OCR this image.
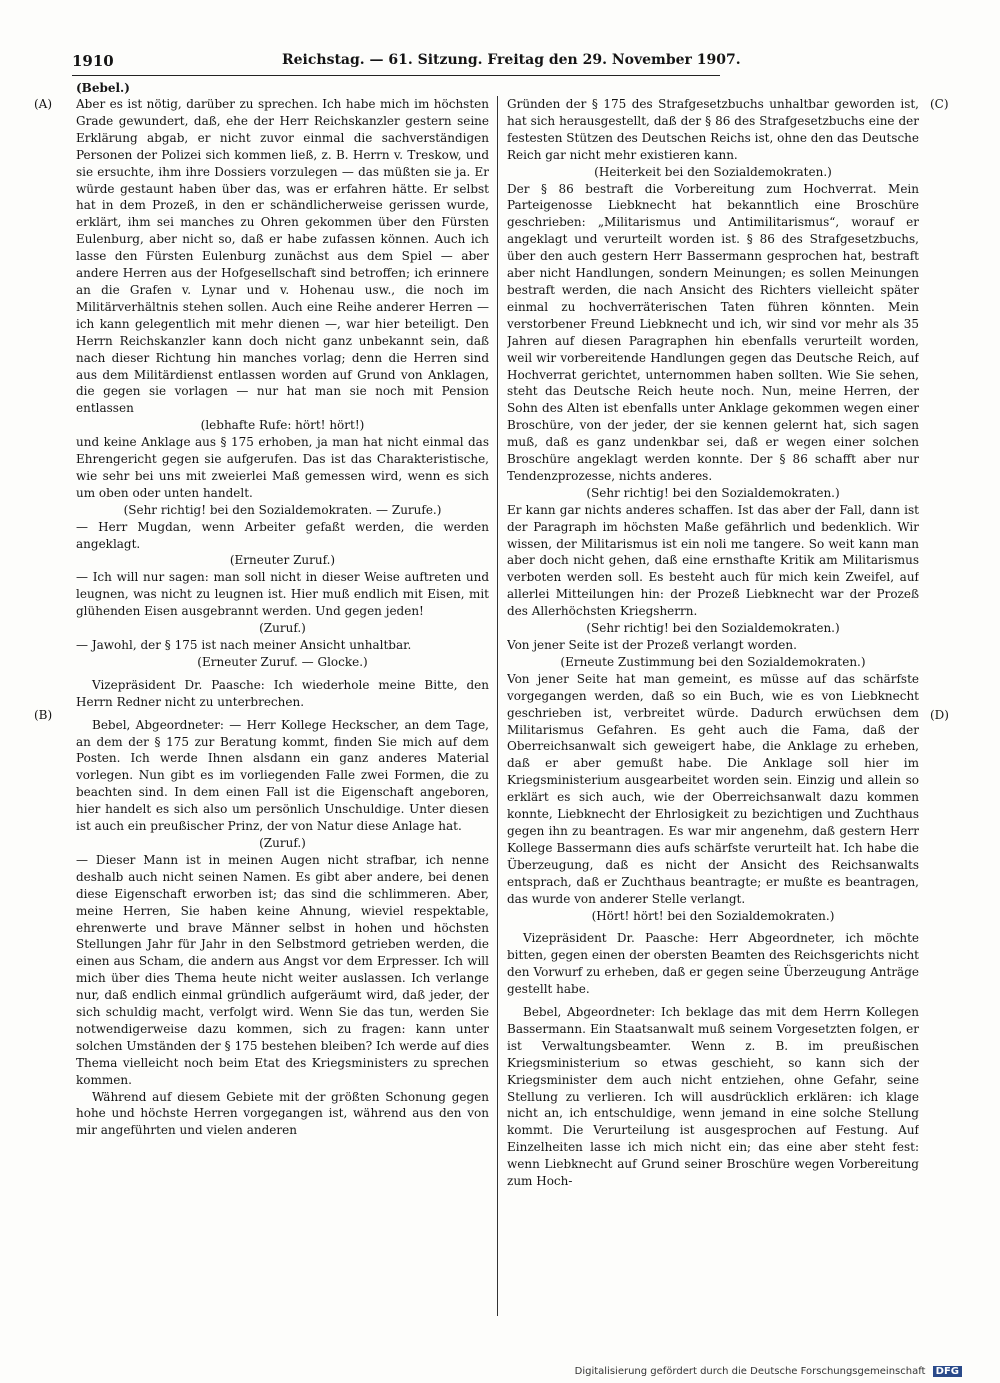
1910	Reichstag. — 61. Sitzung. Freitag den 29. November 1907.
(Bebel.)
(A)
(B)
(C)
(D)

Aber es ist nötig, darüber zu sprechen. Ich habe mich im höchsten Grade gewundert, daß, ehe der Herr Reichskanzler gestern seine Erklärung abgab, er nicht zuvor einmal die sachverständigen Personen der Polizei sich kommen ließ, z. B. Herrn v. Treskow, und sie ersuchte, ihm ihre Dossiers vorzulegen — das müßten sie ja. Er würde gestaunt haben über das, was er erfahren hätte. Er selbst hat in dem Prozeß, in den er schändlicherweise gerissen wurde, erklärt, ihm sei manches zu Ohren gekommen über den Fürsten Eulenburg, aber nicht so, daß er habe zufassen können. Auch ich lasse den Fürsten Eulenburg zunächst aus dem Spiel — aber andere Herren aus der Hofgesellschaft sind betroffen; ich erinnere an die Grafen v. Lynar und v. Hohenau usw., die noch im Militärverhältnis stehen sollen. Auch eine Reihe anderer Herren — ich kann gelegentlich mit mehr dienen —, war hier beteiligt. Den Herrn Reichskanzler kann doch nicht ganz unbekannt sein, daß nach dieser Richtung hin manches vorlag; denn die Herren sind aus dem Militärdienst entlassen worden auf Grund von Anklagen, die gegen sie vorlagen — nur hat man sie noch mit Pension entlassen

(lebhafte Rufe: hört! hört!)

und keine Anklage aus § 175 erhoben, ja man hat nicht einmal das Ehrengericht gegen sie aufgerufen. Das ist das Charakteristische, wie sehr bei uns mit zweierlei Maß gemessen wird, wenn es sich um oben oder unten handelt.

(Sehr richtig! bei den Sozialdemokraten. — Zurufe.)

— Herr Mugdan, wenn Arbeiter gefaßt werden, die werden angeklagt.

(Erneuter Zuruf.)

— Ich will nur sagen: man soll nicht in dieser Weise auftreten und leugnen, was nicht zu leugnen ist. Hier muß endlich mit Eisen, mit glühenden Eisen ausgebrannt werden. Und gegen jeden!

(Zuruf.)

— Jawohl, der § 175 ist nach meiner Ansicht unhaltbar.

(Erneuter Zuruf. — Glocke.)

Vizepräsident Dr. Paasche: Ich wiederhole meine Bitte, den Herrn Redner nicht zu unterbrechen.

Bebel, Abgeordneter: — Herr Kollege Heckscher, an dem Tage, an dem der § 175 zur Beratung kommt, finden Sie mich auf dem Posten. Ich werde Ihnen alsdann ein ganz anderes Material vorlegen. Nun gibt es im vorliegenden Falle zwei Formen, die zu beachten sind. In dem einen Fall ist die Eigenschaft angeboren, hier handelt es sich also um persönlich Unschuldige. Unter diesen ist auch ein preußischer Prinz, der von Natur diese Anlage hat.

(Zuruf.)

— Dieser Mann ist in meinen Augen nicht strafbar, ich nenne deshalb auch nicht seinen Namen. Es gibt aber andere, bei denen diese Eigenschaft erworben ist; das sind die schlimmeren. Aber, meine Herren, Sie haben keine Ahnung, wieviel respektable, ehrenwerte und brave Männer selbst in hohen und höchsten Stellungen Jahr für Jahr in den Selbstmord getrieben werden, die einen aus Scham, die andern aus Angst vor dem Erpresser. Ich will mich über dies Thema heute nicht weiter auslassen. Ich verlange nur, daß endlich einmal gründlich aufgeräumt wird, daß jeder, der sich schuldig macht, verfolgt wird. Wenn Sie das tun, werden Sie notwendigerweise dazu kommen, sich zu fragen: kann unter solchen Umständen der § 175 bestehen bleiben? Ich werde auf dies Thema vielleicht noch beim Etat des Kriegsministers zu sprechen kommen.

Während auf diesem Gebiete mit der größten Schonung gegen hohe und höchste Herren vorgegangen ist, während aus den von mir angeführten und vielen anderen

Gründen der § 175 des Strafgesetzbuchs unhaltbar geworden ist, hat sich herausgestellt, daß der § 86 des Strafgesetzbuchs eine der festesten Stützen des Deutschen Reichs ist, ohne den das Deutsche Reich gar nicht mehr existieren kann.

(Heiterkeit bei den Sozialdemokraten.)

Der § 86 bestraft die Vorbereitung zum Hochverrat. Mein Parteigenosse Liebknecht hat bekanntlich eine Broschüre geschrieben: „Militarismus und Antimilitarismus“, worauf er angeklagt und verurteilt worden ist. § 86 des Strafgesetzbuchs, über den auch gestern Herr Bassermann gesprochen hat, bestraft aber nicht Handlungen, sondern Meinungen; es sollen Meinungen bestraft werden, die nach Ansicht des Richters vielleicht später einmal zu hochverräterischen Taten führen könnten. Mein verstorbener Freund Liebknecht und ich, wir sind vor mehr als 35 Jahren auf diesen Paragraphen hin ebenfalls verurteilt worden, weil wir vorbereitende Handlungen gegen das Deutsche Reich, auf Hochverrat gerichtet, unternommen haben sollten. Wie Sie sehen, steht das Deutsche Reich heute noch. Nun, meine Herren, der Sohn des Alten ist ebenfalls unter Anklage gekommen wegen einer Broschüre, von der jeder, der sie kennen gelernt hat, sich sagen muß, daß es ganz undenkbar sei, daß er wegen einer solchen Broschüre angeklagt werden konnte. Der § 86 schafft aber nur Tendenzprozesse, nichts anderes.

(Sehr richtig! bei den Sozialdemokraten.)

Er kann gar nichts anderes schaffen. Ist das aber der Fall, dann ist der Paragraph im höchsten Maße gefährlich und bedenklich. Wir wissen, der Militarismus ist ein noli me tangere. So weit kann man aber doch nicht gehen, daß eine ernsthafte Kritik am Militarismus verboten werden soll. Es besteht auch für mich kein Zweifel, auf allerlei Mitteilungen hin: der Prozeß Liebknecht war der Prozeß des Allerhöchsten Kriegsherrn.

(Sehr richtig! bei den Sozialdemokraten.)

Von jener Seite ist der Prozeß verlangt worden.

(Erneute Zustimmung bei den Sozialdemokraten.)

Von jener Seite hat man gemeint, es müsse auf das schärfste vorgegangen werden, daß so ein Buch, wie es von Liebknecht geschrieben ist, verbreitet würde. Dadurch erwüchsen dem Militarismus Gefahren. Es geht auch die Fama, daß der Oberreichsanwalt sich geweigert habe, die Anklage zu erheben, daß er aber gemußt habe. Die Anklage soll hier im Kriegsministerium ausgearbeitet worden sein. Einzig und allein so erklärt es sich auch, wie der Oberreichsanwalt dazu kommen konnte, Liebknecht der Ehrlosigkeit zu bezichtigen und Zuchthaus gegen ihn zu beantragen. Es war mir angenehm, daß gestern Herr Kollege Bassermann dies aufs schärfste verurteilt hat. Ich habe die Überzeugung, daß es nicht der Ansicht des Reichsanwalts entsprach, daß er Zuchthaus beantragte; er mußte es beantragen, das wurde von anderer Stelle verlangt.

(Hört! hört! bei den Sozialdemokraten.)

Vizepräsident Dr. Paasche: Herr Abgeordneter, ich möchte bitten, gegen einen der obersten Beamten des Reichsgerichts nicht den Vorwurf zu erheben, daß er gegen seine Überzeugung Anträge gestellt habe.

Bebel, Abgeordneter: Ich beklage das mit dem Herrn Kollegen Bassermann. Ein Staatsanwalt muß seinem Vorgesetzten folgen, er ist Verwaltungsbeamter. Wenn z. B. im preußischen Kriegsministerium so etwas geschieht, so kann sich der Kriegsminister dem auch nicht entziehen, ohne Gefahr, seine Stellung zu verlieren. Ich will ausdrücklich erklären: ich klage nicht an, ich entschuldige, wenn jemand in eine solche Stellung kommt. Die Verurteilung ist ausgesprochen auf Festung. Auf Einzelheiten lasse ich mich nicht ein; das eine aber steht fest: wenn Liebknecht auf Grund seiner Broschüre wegen Vorbereitung zum Hoch-

Digitalisierung gefördert durch die Deutsche Forschungsgemeinschaft DFG
